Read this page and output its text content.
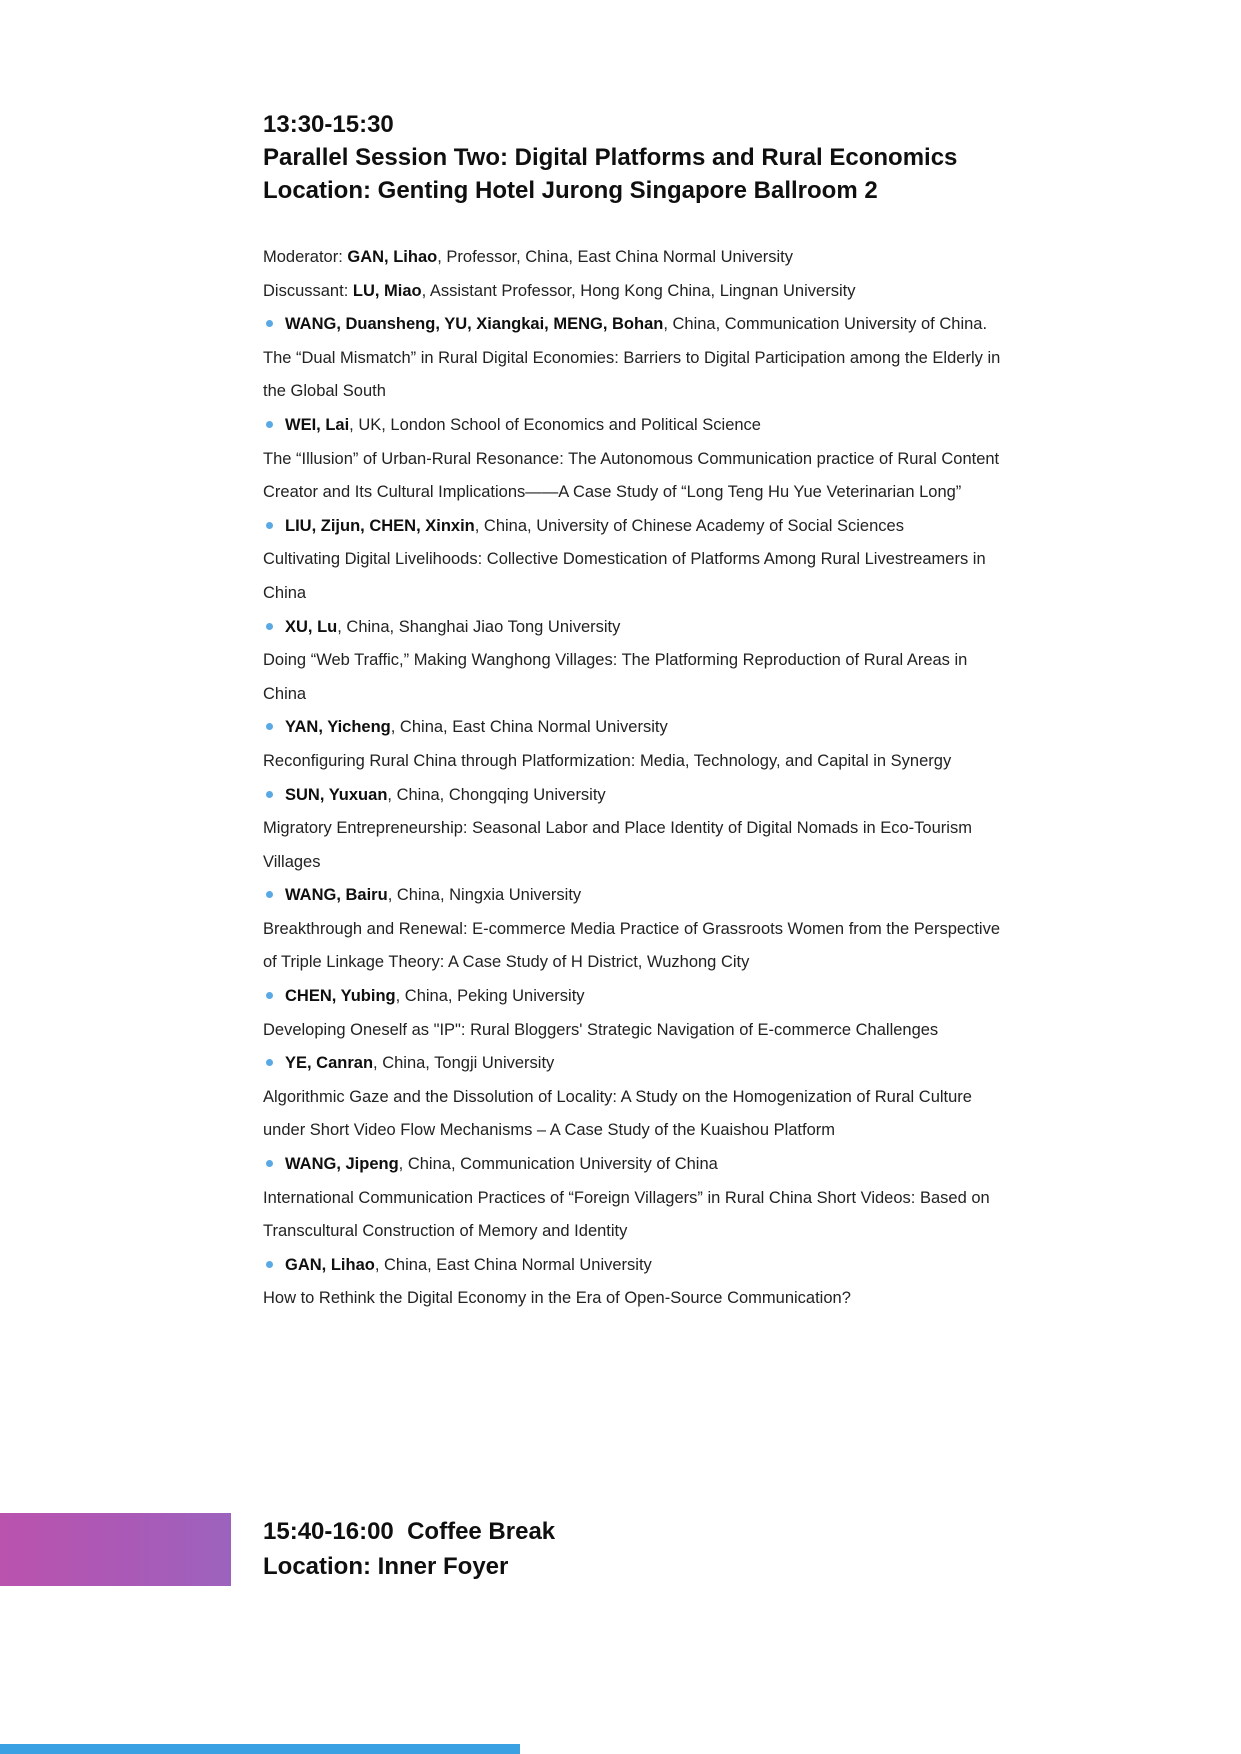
13:30-15:30
Parallel Session Two: Digital Platforms and Rural Economics
Location: Genting Hotel Jurong Singapore Ballroom 2

Moderator: GAN, Lihao, Professor, China, East China Normal University

Discussant: LU, Miao, Assistant Professor, Hong Kong China, Lingnan University

WANG, Duansheng, YU, Xiangkai, MENG, Bohan, China, Communication University of China.

The “Dual Mismatch” in Rural Digital Economies: Barriers to Digital Participation among the Elderly in the Global South

WEI, Lai, UK, London School of Economics and Political Science

The “Illusion” of Urban-Rural Resonance: The Autonomous Communication practice of Rural Content Creator and Its Cultural Implications——A Case Study of “Long Teng Hu Yue Veterinarian Long”

LIU, Zijun, CHEN, Xinxin, China, University of Chinese Academy of Social Sciences

Cultivating Digital Livelihoods: Collective Domestication of Platforms Among Rural Livestreamers in China

XU, Lu, China, Shanghai Jiao Tong University

Doing “Web Traffic,” Making Wanghong Villages: The Platforming Reproduction of Rural Areas in China

YAN, Yicheng, China, East China Normal University

Reconfiguring Rural China through Platformization: Media, Technology, and Capital in Synergy

SUN, Yuxuan, China, Chongqing University

Migratory Entrepreneurship: Seasonal Labor and Place Identity of Digital Nomads in Eco-Tourism Villages

WANG, Bairu, China, Ningxia University

Breakthrough and Renewal: E-commerce Media Practice of Grassroots Women from the Perspective of Triple Linkage Theory: A Case Study of H District, Wuzhong City

CHEN, Yubing, China, Peking University

Developing Oneself as "IP": Rural Bloggers' Strategic Navigation of E-commerce Challenges

YE, Canran, China, Tongji University

Algorithmic Gaze and the Dissolution of Locality: A Study on the Homogenization of Rural Culture under Short Video Flow Mechanisms – A Case Study of the Kuaishou Platform

WANG, Jipeng, China, Communication University of China

International Communication Practices of “Foreign Villagers” in Rural China Short Videos: Based on Transcultural Construction of Memory and Identity

GAN, Lihao, China, East China Normal University

How to Rethink the Digital Economy in the Era of Open-Source Communication?

15:40-16:00  Coffee Break
Location: Inner Foyer
